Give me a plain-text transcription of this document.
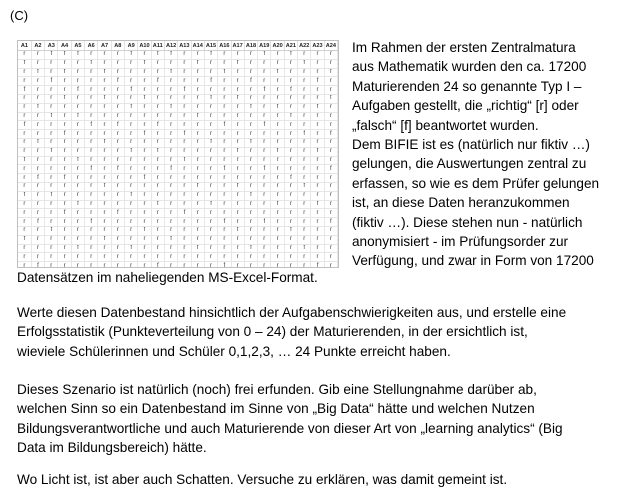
(C)
A1	A2	A3	A4	A5	A6	A7	A8	A9	A10	A11	A12	A13	A14	A15	A16	A17	A18	A19	A20	A21	A22	A23	A24
r	r	f	f	f	r	r	r	f	r	f	f	r	r	f	r	r	r	f	r	f	r	r	r
f	r	r	r	r	f	r	r	r	f	r	r	r	f	r	r	f	r	r	r	r	f	r	r
r	f	r	f	r	r	f	r	r	r	r	f	r	r	r	f	r	r	r	f	r	r	r	f
r	r	f	r	r	r	r	f	r	r	f	r	r	r	f	r	r	f	r	r	r	r	f	r
f	r	r	r	f	r	r	r	f	r	r	r	f	r	r	r	r	r	f	r	f	r	r	r
r	r	r	f	r	r	f	r	r	f	r	r	r	r	f	r	f	r	r	r	r	r	r	f
r	f	r	r	r	r	r	r	f	r	r	f	r	r	r	r	r	f	r	f	r	r	f	r
r	r	f	r	f	r	r	r	r	r	r	r	r	f	r	r	r	r	r	r	f	r	r	r
f	r	r	r	r	f	r	f	r	r	f	r	r	r	r	f	r	r	f	r	r	r	r	r
r	r	r	f	r	r	r	r	r	f	r	r	f	r	r	r	r	r	r	r	r	f	r	f
r	f	r	r	r	r	f	r	r	r	r	r	r	r	f	r	r	f	r	r	r	r	r	r
r	r	f	r	r	r	r	r	f	r	f	r	r	r	r	r	f	r	r	f	r	r	f	r
f	r	r	r	f	r	r	r	r	r	r	r	f	r	r	r	r	r	r	r	r	r	r	r
r	r	r	r	r	f	r	f	r	r	r	f	r	r	r	f	r	r	f	r	r	r	r	f
r	f	r	f	r	r	r	r	r	f	r	r	r	r	r	r	r	r	r	r	f	r	r	r
r	r	r	r	r	r	f	r	r	r	r	r	r	f	r	r	f	r	r	r	r	f	r	r
f	r	f	r	r	r	r	r	f	r	r	r	r	r	r	r	r	f	r	r	r	r	r	r
r	r	r	r	f	r	r	r	r	r	f	r	r	r	f	r	r	r	r	f	r	r	f	r
r	r	r	f	r	r	r	f	r	r	r	r	f	r	r	r	r	r	r	r	r	r	r	r
r	f	r	r	r	f	r	r	r	r	r	r	r	r	r	f	r	r	f	r	r	r	r	f
r	r	f	r	r	r	r	r	r	f	r	r	r	r	r	r	f	r	r	r	f	r	r	r
f	r	r	r	r	r	f	r	r	r	r	f	r	r	r	r	r	r	r	r	r	r	r	r
r	r	r	r	f	r	r	r	f	r	r	r	r	f	r	r	r	f	r	r	r	f	r	r
r	r	r	r	r	r	r	r	r	r	r	r	r	r	r	r	r	r	r	r	r	r	r	r
r	f	r	r	r	r	r	r	r	r	f	r	r	r	r	f	r	r	r	r	r	r	f	r

Im Rahmen der ersten Zentralmatura
aus Mathematik wurden den ca. 17200
Maturierenden 24 so genannte Typ I –
Aufgaben gestellt, die „richtig“ [r] oder
„falsch“ [f] beantwortet wurden.
Dem BIFIE ist es (natürlich nur fiktiv …)
gelungen, die Auswertungen zentral zu
erfassen, so wie es dem Prüfer gelungen
ist, an diese Daten heranzukommen
(fiktiv …). Diese stehen nun - natürlich
anonymisiert - im Prüfungsorder zur
Verfügung, und zwar in Form von 17200
Datensätzen im naheliegenden MS-Excel-Format.
Werte diesen Datenbestand hinsichtlich der Aufgabenschwierigkeiten aus, und erstelle eine
Erfolgsstatistik (Punkteverteilung von 0 – 24) der Maturierenden, in der ersichtlich ist,
wieviele Schülerinnen und Schüler 0,1,2,3, … 24 Punkte erreicht haben.
Dieses Szenario ist natürlich (noch) frei erfunden. Gib eine Stellungnahme darüber ab,
welchen Sinn so ein Datenbestand im Sinne von „Big Data“ hätte und welchen Nutzen
Bildungsverantwortliche und auch Maturierende von dieser Art von „learning analytics“ (Big
Data im Bildungsbereich) hätte.
Wo Licht ist, ist aber auch Schatten. Versuche zu erklären, was damit gemeint ist.
